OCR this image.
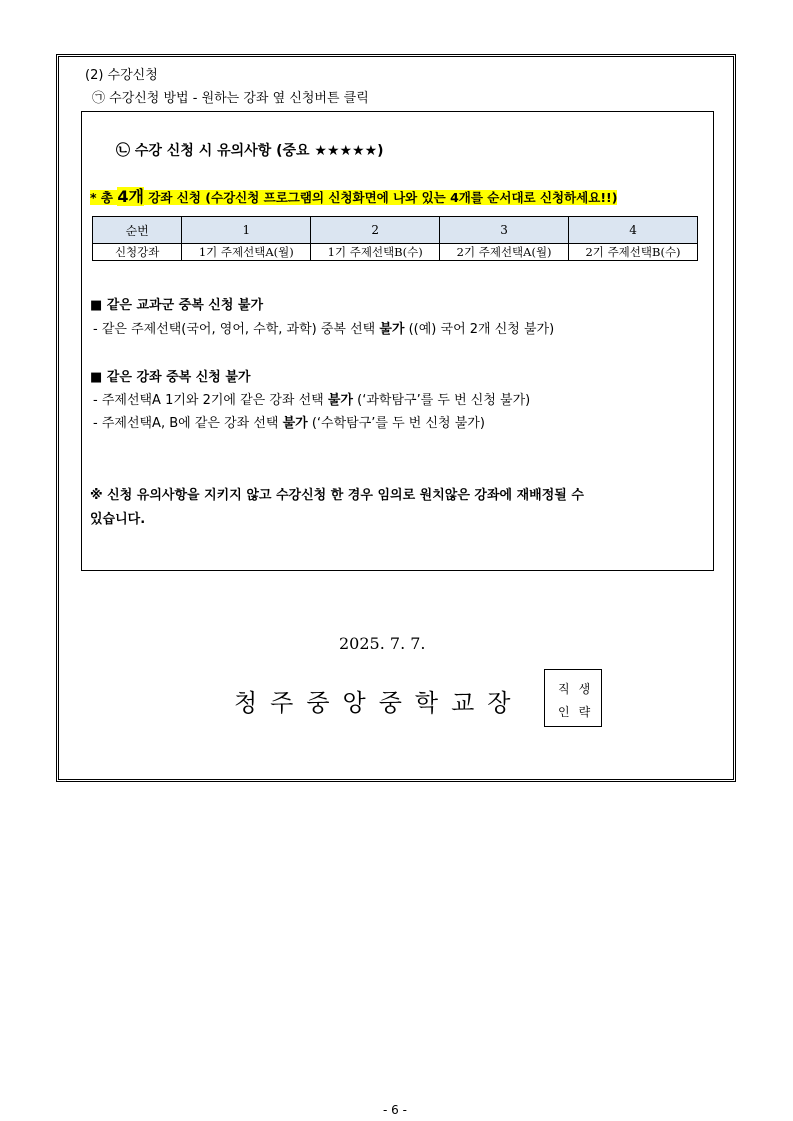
(2) 수강신청
㉠ 수강신청 방법 - 원하는 강좌 옆 신청버튼 클릭
㉡ 수강 신청 시 유의사항 (중요 ★★★★★)
* 총 4개 강좌 신청 (수강신청 프로그램의 신청화면에 나와 있는 4개를 순서대로 신청하세요!!)
순번	1	2	3	4
신청강좌	1기 주제선택A(월)	1기 주제선택B(수)	2기 주제선택A(월)	2기 주제선택B(수)
■ 같은 교과군 중복 신청 불가
- 같은 주제선택(국어, 영어, 수학, 과학) 중복 선택 불가 ((예) 국어 2개 신청 불가)
■ 같은 강좌 중복 신청 불가
- 주제선택A 1기와 2기에 같은 강좌 선택 불가 (‘과학탐구’를 두 번 신청 불가)
- 주제선택A, B에 같은 강좌 선택 불가 (‘수학탐구’를 두 번 신청 불가)
※ 신청 유의사항을 지키지 않고 수강신청 한 경우 임의로 원치않은 강좌에 재배정될 수
있습니다.
2025. 7. 7.
청주중앙중학교장	직생
인략
- 6 -
